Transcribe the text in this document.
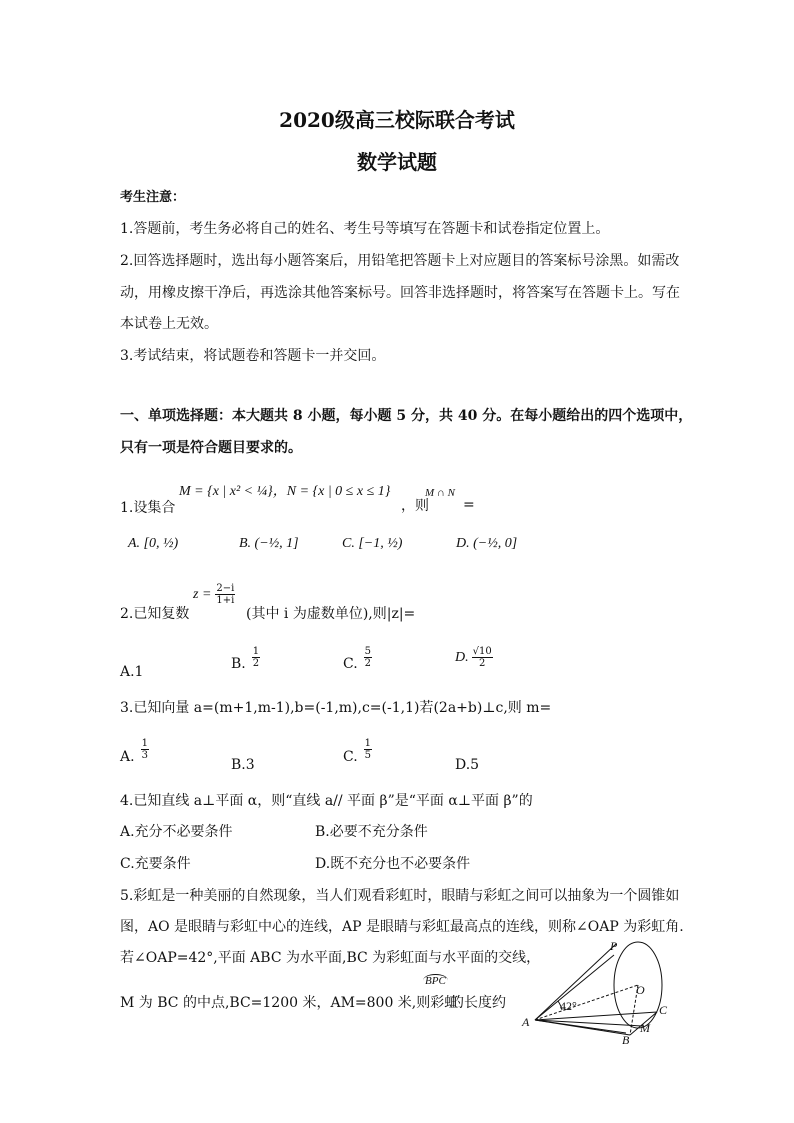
2020级高三校际联合考试
数学试题
考生注意：
1.答题前，考生务必将自己的姓名、考生号等填写在答题卡和试卷指定位置上。
2.回答选择题时，选出每小题答案后，用铅笔把答题卡上对应题目的答案标号涂黑。如需改
动，用橡皮擦干净后，再选涂其他答案标号。回答非选择题时，将答案写在答题卡上。写在
本试卷上无效。
3.考试结束，将试题卷和答题卡一并交回。
一、单项选择题：本大题共 8 小题，每小题 5 分，共 40 分。在每小题给出的四个选项中，
只有一项是符合题目要求的。
1.设集合
M = {x | x² < ¼}，N = {x | 0 ≤ x ≤ 1}
，则
M ∩ N
=
A. [0, ½)	B. (−½, 1]	C. [−1, ½)	D. (−½, 0]
2.已知复数
$z = \frac{2-i}{1+i}$
(其中 i 为虚数单位),则|z|=
A.1	B. $\frac{1}{2}$	C. $\frac{5}{2}$	D. $\frac{√10}{2}$
3.已知向量 a=(m+1,m-1),b=(-1,m),c=(-1,1)若(2a+b)⊥c,则 m=
A. $\frac{1}{3}$
B.3	C. $\frac{1}{5}$
D.5
4.已知直线 a⊥平面 α，则“直线 a// 平面 β”是“平面 α⊥平面 β”的
A.充分不必要条件	B.必要不充分条件
C.充要条件	D.既不充分也不必要条件
5.彩虹是一种美丽的自然现象，当人们观看彩虹时，眼睛与彩虹之间可以抽象为一个圆锥如
图，AO 是眼睛与彩虹中心的连线，AP 是眼睛与彩虹最高点的连线，则称∠OAP 为彩虹角.
若∠OAP=42°,平面 ABC 为水平面,BC 为彩虹面与水平面的交线，
M 为 BC 的中点,BC=1200 米，AM=800 米,则彩虹
BPC
的长度约
P
O
C
A
B
M
42°
